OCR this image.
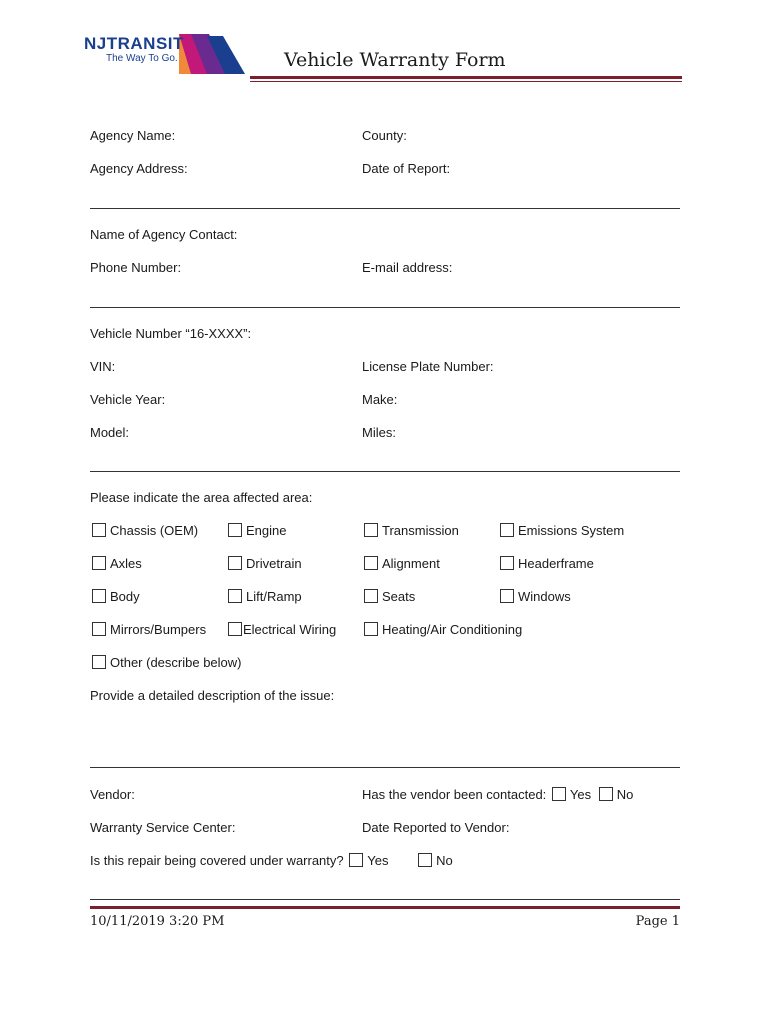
NJTRANSIT
The Way To Go.	Vehicle Warranty Form
Agency Name:	County:
Agency Address:	Date of Report:
Name of Agency Contact:
Phone Number:	E-mail address:
Vehicle Number “16-XXXX”:
VIN:	License Plate Number:
Vehicle Year:	Make:
Model:	Miles:
Please indicate the area affected area:
Chassis (OEM)	Engine	Transmission	Emissions System
Axles	Drivetrain	Alignment	Headerframe
Body	Lift/Ramp	Seats	Windows
Mirrors/Bumpers	Electrical Wiring	Heating/Air Conditioning
Other (describe below)
Provide a detailed description of the issue:
Vendor:	Has the vendor been contacted: Yes No
Warranty Service Center:	Date Reported to Vendor:
Is this repair being covered under warranty? Yes	No
10/11/2019 3:20 PM	Page 1
